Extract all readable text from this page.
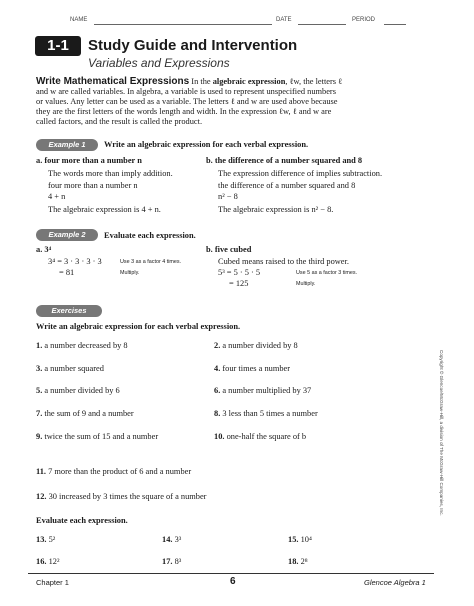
NAME	DATE	PERIOD
1-1	Study Guide and Intervention
Variables and Expressions
Write Mathematical Expressions In the algebraic expression, ℓw, the letters ℓ
and w are called variables. In algebra, a variable is used to represent unspecified numbers
or values. Any letter can be used as a variable. The letters ℓ and w are used above because
they are the first letters of the words length and width. In the expression ℓw, ℓ and w are
called factors, and the result is called the product.
Example 1	Write an algebraic expression for each verbal expression.
a. four more than a number n
The words more than imply addition.
four more than a number n
4 + n
The algebraic expression is 4 + n.
b. the difference of a number squared and 8
The expression difference of implies subtraction.
the difference of a number squared and 8
n² − 8
The algebraic expression is n² − 8.
Example 2	Evaluate each expression.
a. 3⁴
3⁴ = 3 · 3 · 3 · 3
= 81
Use 3 as a factor 4 times.
Multiply.
b. five cubed
Cubed means raised to the third power.
5³ = 5 · 5 · 5
= 125
Use 5 as a factor 3 times.
Multiply.
Exercises
Write an algebraic expression for each verbal expression.
1. a number decreased by 8	2. a number divided by 8
3. a number squared	4. four times a number
5. a number divided by 6	6. a number multiplied by 37
7. the sum of 9 and a number	8. 3 less than 5 times a number
9. twice the sum of 15 and a number	10. one-half the square of b
11. 7 more than the product of 6 and a number
12. 30 increased by 3 times the square of a number
Evaluate each expression.
13. 5²	14. 3³	15. 10⁴
16. 12²	17. 8³	18. 2⁸
Copyright © Glencoe/McGraw-Hill, a division of The McGraw-Hill Companies, Inc.
Chapter 1	6	Glencoe Algebra 1
